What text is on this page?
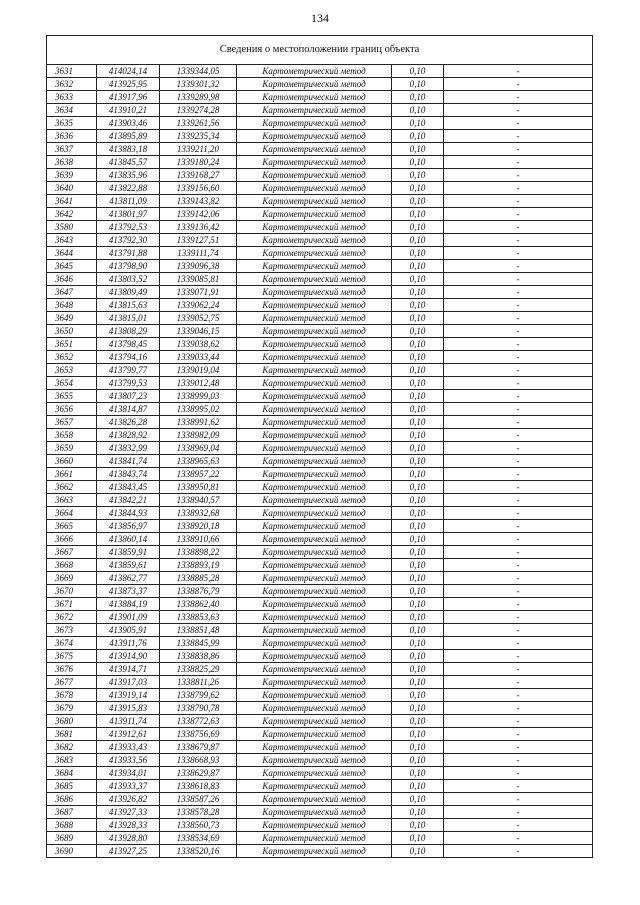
134
Сведения о местоположении границ объекта					
3631	414024,14	1339344,05	Картометрический метод	0,10	-
3632	413925,95	1339301,32	Картометрический метод	0,10	-
3633	413917,96	1339289,98	Картометрический метод	0,10	-
3634	413910,21	1339274,28	Картометрический метод	0,10	-
3635	413903,46	1339261,56	Картометрический метод	0,10	-
3636	413895,89	1339235,34	Картометрический метод	0,10	-
3637	413883,18	1339211,20	Картометрический метод	0,10	-
3638	413845,57	1339180,24	Картометрический метод	0,10	-
3639	413835,96	1339168,27	Картометрический метод	0,10	-
3640	413822,88	1339156,60	Картометрический метод	0,10	-
3641	413811,09	1339143,82	Картометрический метод	0,10	-
3642	413801,97	1339142,06	Картометрический метод	0,10	-
3580	413792,53	1339136,42	Картометрический метод	0,10	-
3643	413792,30	1339127,51	Картометрический метод	0,10	-
3644	413791,88	1339111,74	Картометрический метод	0,10	-
3645	413798,90	1339096,38	Картометрический метод	0,10	-
3646	413803,52	1339085,81	Картометрический метод	0,10	-
3647	413809,49	1339071,91	Картометрический метод	0,10	-
3648	413815,63	1339062,24	Картометрический метод	0,10	-
3649	413815,01	1339052,75	Картометрический метод	0,10	-
3650	413808,29	1339046,15	Картометрический метод	0,10	-
3651	413798,45	1339038,62	Картометрический метод	0,10	-
3652	413794,16	1339033,44	Картометрический метод	0,10	-
3653	413799,77	1339019,04	Картометрический метод	0,10	-
3654	413799,53	1339012,48	Картометрический метод	0,10	-
3655	413807,23	1338999,03	Картометрический метод	0,10	-
3656	413814,87	1338995,02	Картометрический метод	0,10	-
3657	413826,28	1338991,62	Картометрический метод	0,10	-
3658	413828,92	1338982,09	Картометрический метод	0,10	-
3659	413832,99	1338969,04	Картометрический метод	0,10	-
3660	413841,74	1338965,63	Картометрический метод	0,10	-
3661	413843,74	1338957,22	Картометрический метод	0,10	-
3662	413843,45	1338950,81	Картометрический метод	0,10	-
3663	413842,21	1338940,57	Картометрический метод	0,10	-
3664	413844,93	1338932,68	Картометрический метод	0,10	-
3665	413856,97	1338920,18	Картометрический метод	0,10	-
3666	413860,14	1338910,66	Картометрический метод	0,10	-
3667	413859,91	1338898,22	Картометрический метод	0,10	-
3668	413859,61	1338893,19	Картометрический метод	0,10	-
3669	413862,77	1338885,28	Картометрический метод	0,10	-
3670	413873,37	1338876,79	Картометрический метод	0,10	-
3671	413884,19	1338862,40	Картометрический метод	0,10	-
3672	413901,09	1338853,63	Картометрический метод	0,10	-
3673	413905,91	1338851,48	Картометрический метод	0,10	-
3674	413911,76	1338845,99	Картометрический метод	0,10	-
3675	413914,90	1338838,86	Картометрический метод	0,10	-
3676	413914,71	1338825,29	Картометрический метод	0,10	-
3677	413917,03	1338811,26	Картометрический метод	0,10	-
3678	413919,14	1338799,62	Картометрический метод	0,10	-
3679	413915,83	1338790,78	Картометрический метод	0,10	-
3680	413911,74	1338772,63	Картометрический метод	0,10	-
3681	413912,61	1338756,69	Картометрический метод	0,10	-
3682	413933,43	1338679,87	Картометрический метод	0,10	-
3683	413933,56	1338668,93	Картометрический метод	0,10	-
3684	413934,01	1338629,87	Картометрический метод	0,10	-
3685	413933,37	1338618,83	Картометрический метод	0,10	-
3686	413926,82	1338587,26	Картометрический метод	0,10	-
3687	413927,33	1338578,28	Картометрический метод	0,10	-
3688	413928,33	1338560,73	Картометрический метод	0,10	-
3689	413928,80	1338534,69	Картометрический метод	0,10	-
3690	413927,25	1338520,16	Картометрический метод	0,10	-
